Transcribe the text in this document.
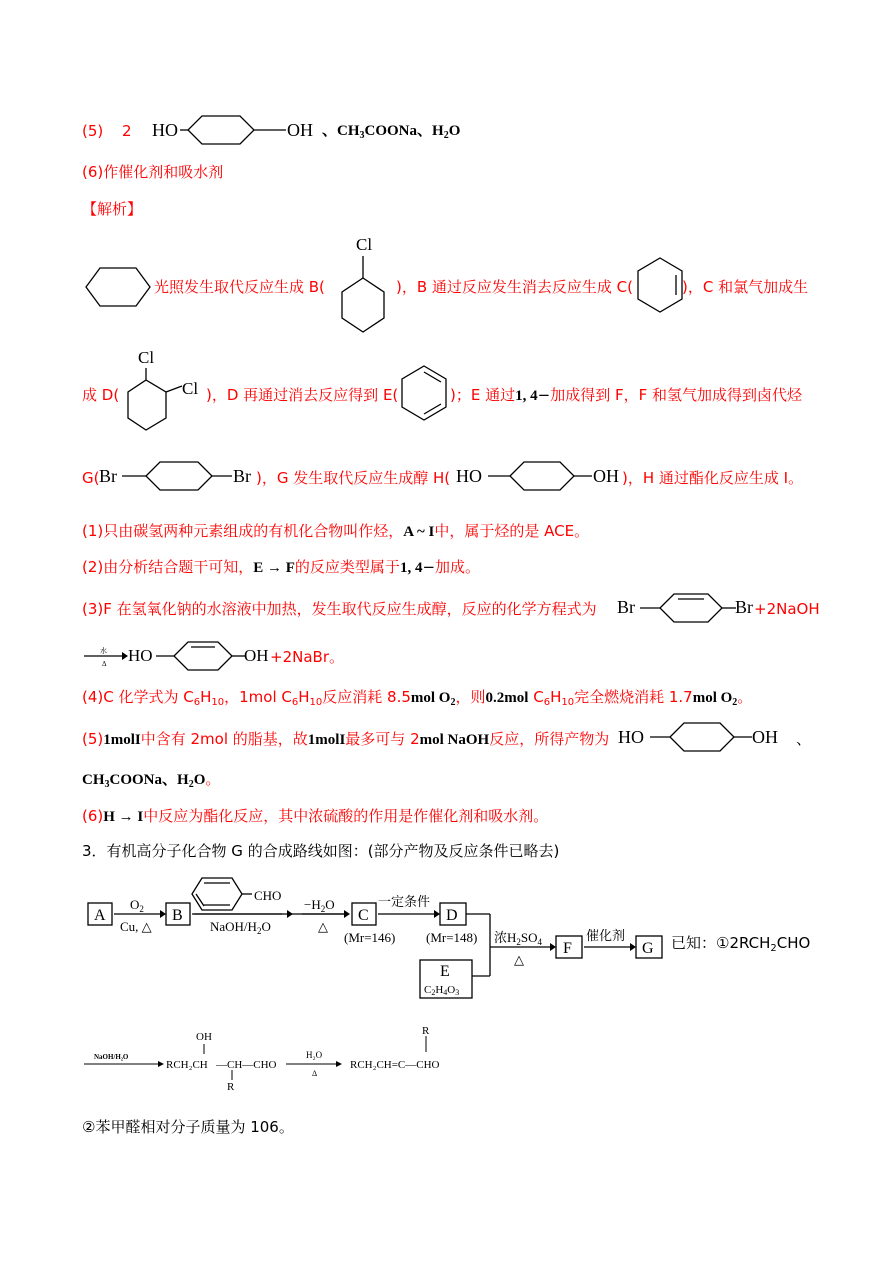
(5) 2 HO	OH 、$CH_3COONa$、$H_2O$
(6)作催化剂和吸水剂
【解析】
光照发生取代反应生成 B(
Cl
)，B 通过反应发生消去反应生成 C(	)，C 和氯气加成生
成 D(
Cl
Cl )，D 再通过消去反应得到 E(	)；E 通过1, 4−加成得到 F，F 和氢气加成得到卤代烃
G( Br	Br )，G 发生取代反应生成醇 H( HO	OH )，H 通过酯化反应生成 I。
(1)只由碳氢两种元素组成的有机化合物叫作烃，A ~ I中，属于烃的是 ACE。
(2)由分析结合题干可知，E → F的反应类型属于1, 4−加成。
(3)F 在氢氧化钠的水溶液中加热，发生取代反应生成醇，反应的化学方程式为 Br	Br +2NaOH
水
Δ HO	OH +2NaBr。
(4)C 化学式为 $C_6H_{10}$，1mol $C_6H_{10}$反应消耗 8.5mol $O_2$，则0.2mol $C_6H_{10}$完全燃烧消耗 1.7mol $O_2$。
(5)1molI中含有 2mol 的脂基，故1molI最多可与 2mol NaOH反应，所得产物为 HO	OH 、
$CH_3COONa$、$H_2O$。
(6)H → I中反应为酯化反应，其中浓硫酸的作用是作催化剂和吸水剂。
3．有机高分子化合物 G 的合成路线如图：(部分产物及反应条件已略去)
A	B	C	D
F	G
E
$O_2$
Cu, △
CHO
NaOH/$H_2O$
$-H_2O$
△
(Mr=146)
一定条件
(Mr=148) 浓$H_2SO_4$
△
催化剂
C2H4O3
已知：$①2RCH_2CHO$
NaOH/H₂O
OH
RCH₂CH —CH—CHO
R
H₂O
Δ
R
RCH₂CH=C—CHO
②苯甲醛相对分子质量为 106。
